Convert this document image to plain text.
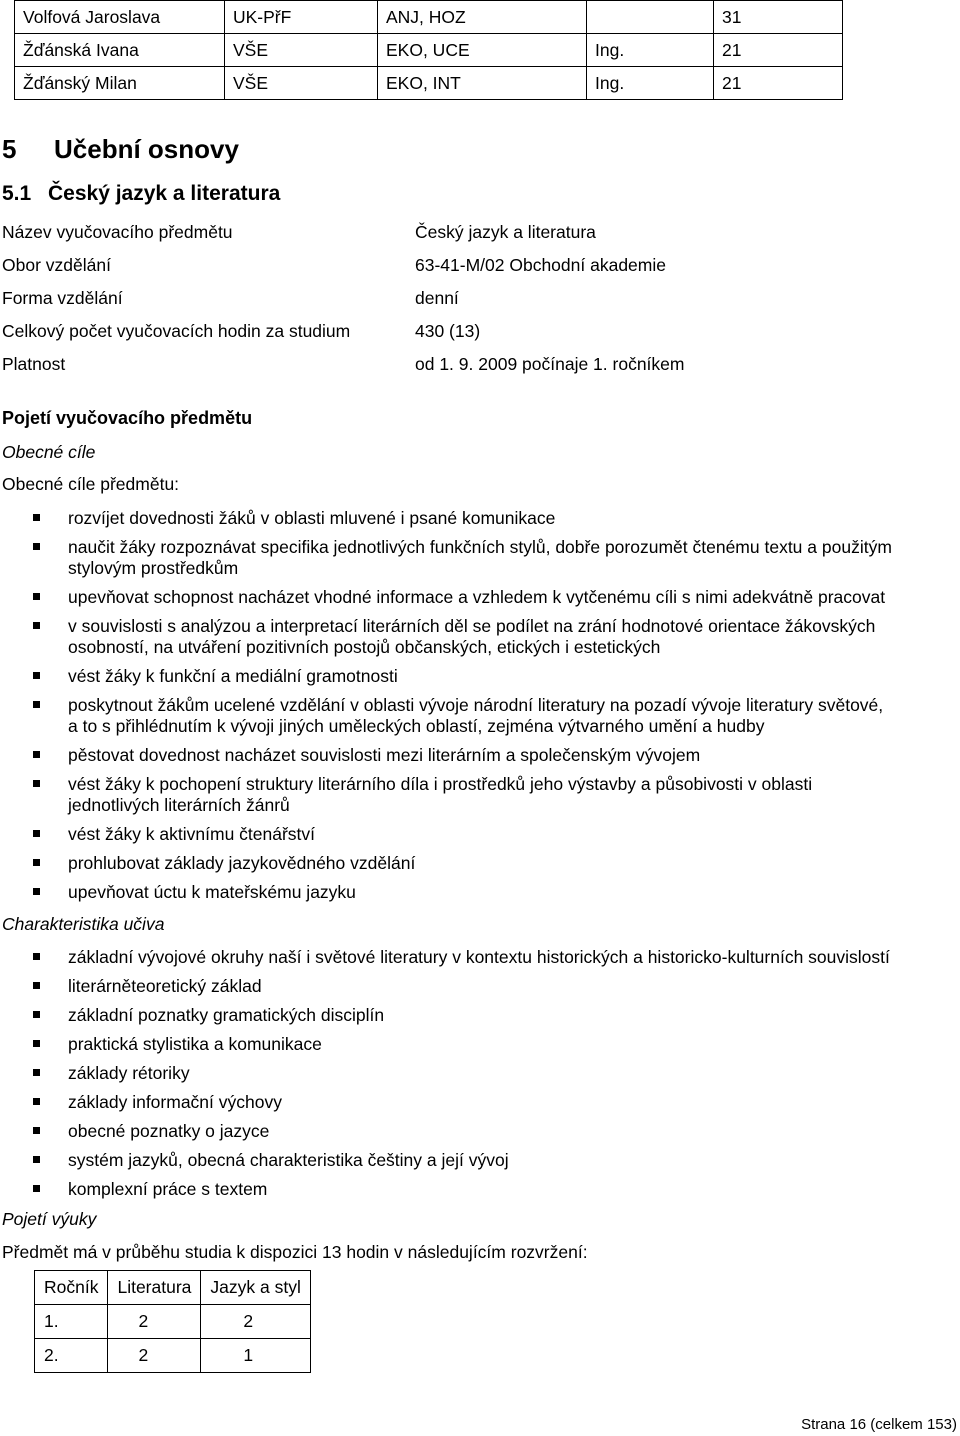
Volfová Jaroslava	UK-PřF	ANJ, HOZ		31
Žďánská Ivana	VŠE	EKO, UCE	Ing.	21
Žďánský Milan	VŠE	EKO, INT	Ing.	21
5 Učební osnovy
5.1 Český jazyk a literatura
Název vyučovacího předmětu	Český jazyk a literatura
Obor vzdělání	63-41-M/02 Obchodní akademie
Forma vzdělání	denní
Celkový počet vyučovacích hodin za studium	430 (13)
Platnost	od 1. 9. 2009 počínaje 1. ročníkem
Pojetí vyučovacího předmětu
Obecné cíle
Obecné cíle předmětu:
rozvíjet dovednosti žáků v oblasti mluvené i psané komunikace
naučit žáky rozpoznávat specifika jednotlivých funkčních stylů, dobře porozumět čtenému textu a použitým
stylovým prostředkům
upevňovat schopnost nacházet vhodné informace a vzhledem k vytčenému cíli s nimi adekvátně pracovat
v souvislosti s analýzou a interpretací literárních děl se podílet na zrání hodnotové orientace žákovských
osobností, na utváření pozitivních postojů občanských, etických i estetických
vést žáky k funkční a mediální gramotnosti
poskytnout žákům ucelené vzdělání v oblasti vývoje národní literatury na pozadí vývoje literatury světové,
a to s přihlédnutím k vývoji jiných uměleckých oblastí, zejména výtvarného umění a hudby
pěstovat dovednost nacházet souvislosti mezi literárním a společenským vývojem
vést žáky k pochopení struktury literárního díla i prostředků jeho výstavby a působivosti v oblasti
jednotlivých literárních žánrů
vést žáky k aktivnímu čtenářství
prohlubovat základy jazykovědného vzdělání
upevňovat úctu k mateřskému jazyku
Charakteristika učiva
základní vývojové okruhy naší i světové literatury v kontextu historických a historicko-kulturních souvislostí
literárněteoretický základ
základní poznatky gramatických disciplín
praktická stylistika a komunikace
základy rétoriky
základy informační výchovy
obecné poznatky o jazyce
systém jazyků, obecná charakteristika češtiny a její vývoj
komplexní práce s textem
Pojetí výuky
Předmět má v průběhu studia k dispozici 13 hodin v následujícím rozvržení:
Ročník	Literatura	Jazyk a styl
1.	2	2
2.	2	1
Strana 16 (celkem 153)
